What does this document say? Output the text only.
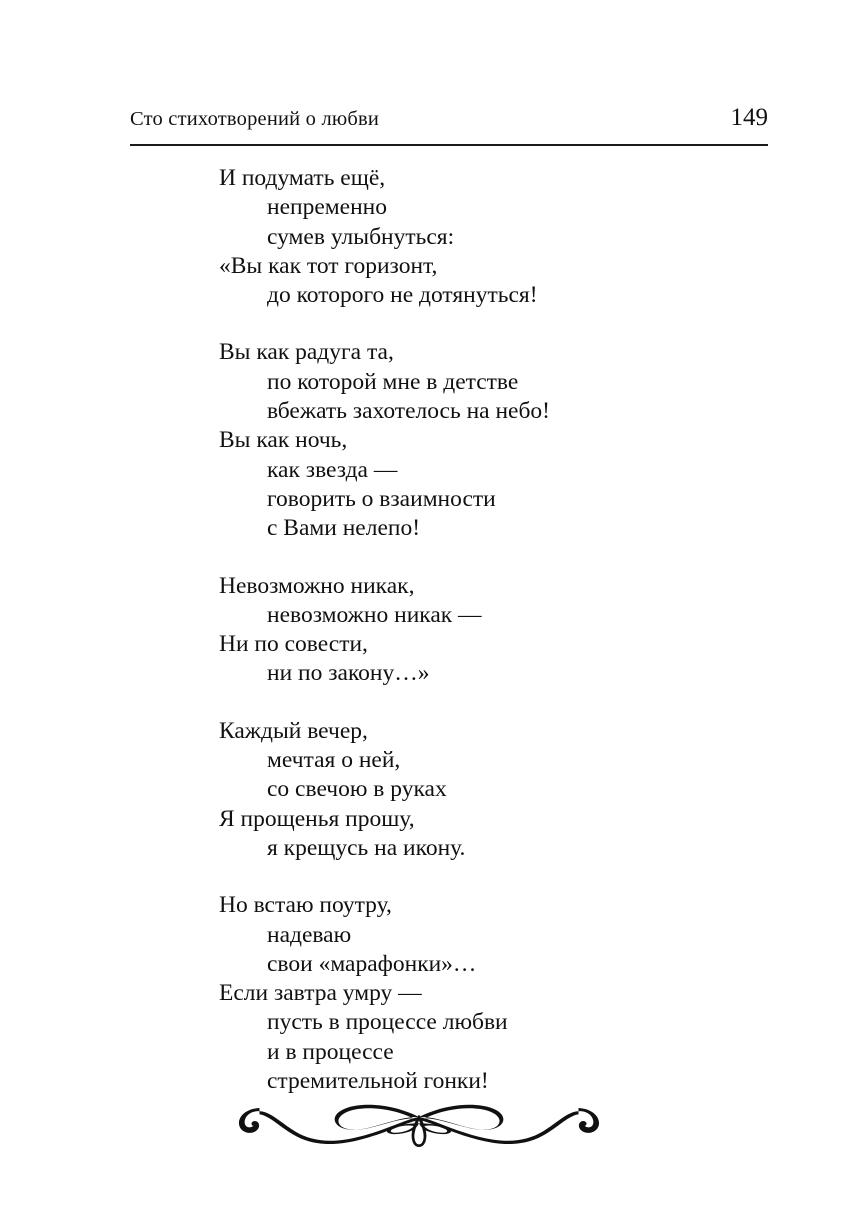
Сто стихотворений о любви	149
И подумать ещё,
непременно
сумев улыбнуться:
«Вы как тот горизонт,
до которого не дотянуться!
Вы как радуга та,
по которой мне в детстве
вбежать захотелось на небо!
Вы как ночь,
как звезда —
говорить о взаимности
с Вами нелепо!
Невозможно никак,
невозможно никак —
Ни по совести,
ни по закону…»
Каждый вечер,
мечтая о ней,
со свечою в руках
Я прощенья прошу,
я крещусь на икону.
Но встаю поутру,
надеваю
свои «марафонки»…
Если завтра умру —
пусть в процессе любви
и в процессе
стремительной гонки!
